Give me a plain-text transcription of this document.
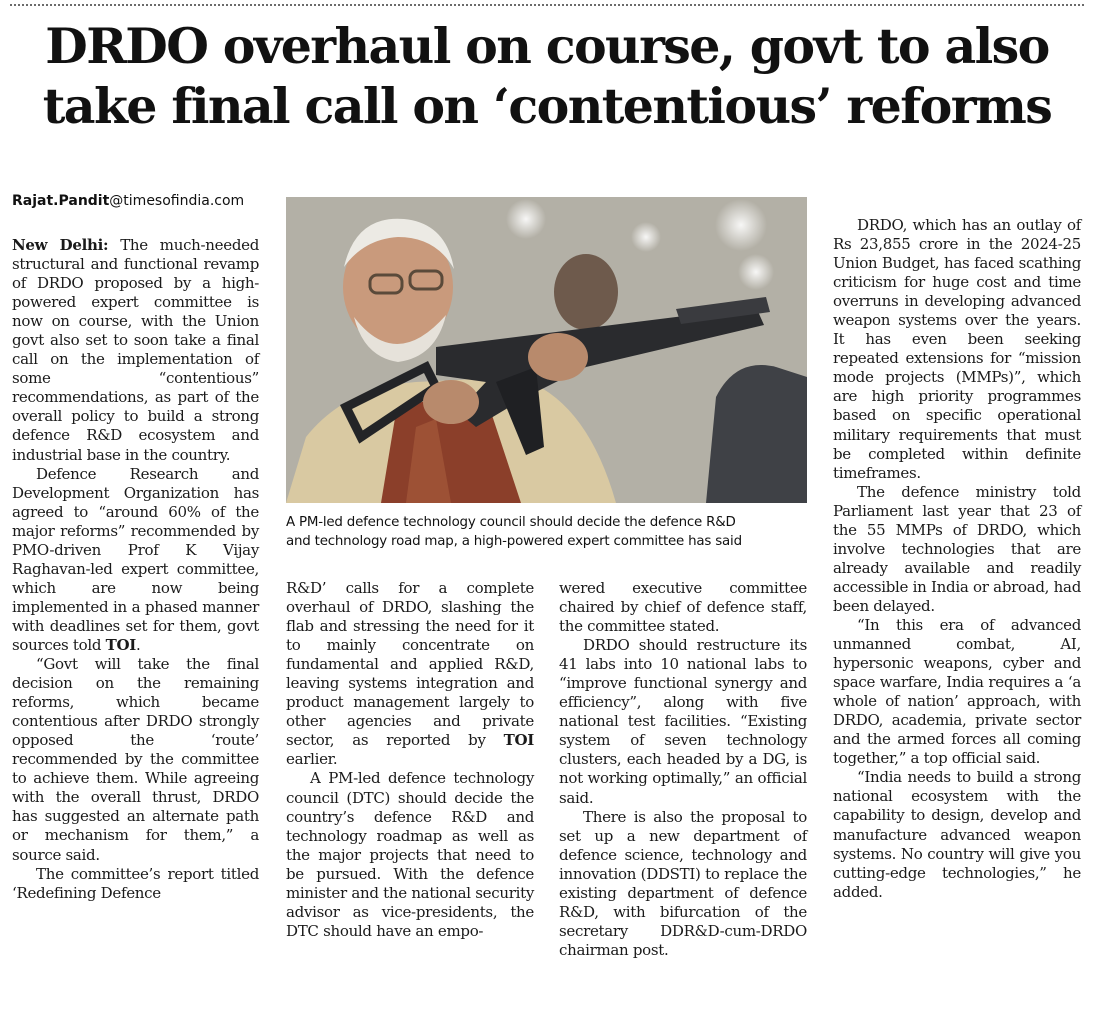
DRDO overhaul on course, govt to also
take final call on ‘contentious’ reforms
Rajat.Pandit@timesofindia.com

New Delhi: The much-needed structural and functional revamp of DRDO proposed by a high-powered expert committee is now on course, with the Union govt also set to soon take a final call on the implementation of some “contentious” recommendations, as part of the overall policy to build a strong defence R&D ecosystem and industrial base in the country.

Defence Research and Development Organization has agreed to “around 60% of the major reforms” recommended by PMO-driven Prof K Vijay Raghavan-led expert committee, which are now being implemented in a phased manner with deadlines set for them, govt sources told TOI.

“Govt will take the final decision on the remaining reforms, which became contentious after DRDO strongly opposed the ‘route’ recommended by the committee to achieve them. While agreeing with the overall thrust, DRDO has suggested an alternate path or mechanism for them,” a source said.

The committee’s report titled ‘Redefining Defence

A PM-led defence technology council should decide the defence R&D
and technology road map, a high-powered expert committee has said

R&D’ calls for a complete overhaul of DRDO, slashing the flab and stressing the need for it to mainly concentrate on fundamental and applied R&D, leaving systems integration and product management largely to other agencies and private sector, as reported by TOI earlier.

A PM-led defence technology council (DTC) should decide the country’s defence R&D and technology roadmap as well as the major projects that need to be pursued. With the defence minister and the national security advisor as vice-presidents, the DTC should have an empo-

wered executive committee chaired by chief of defence staff, the committee stated.

DRDO should restructure its 41 labs into 10 national labs to “improve functional synergy and efficiency”, along with five national test facilities. “Existing system of seven technology clusters, each headed by a DG, is not working optimally,” an official said.

There is also the proposal to set up a new department of defence science, technology and innovation (DDSTI) to replace the existing department of defence R&D, with bifurcation of the secretary DDR&D-cum-DRDO chairman post.

DRDO, which has an outlay of Rs 23,855 crore in the 2024-25 Union Budget, has faced scathing criticism for huge cost and time overruns in developing advanced weapon systems over the years. It has even been seeking repeated extensions for “mission mode projects (MMPs)”, which are high priority programmes based on specific operational military requirements that must be completed within definite timeframes.

The defence ministry told Parliament last year that 23 of the 55 MMPs of DRDO, which involve technologies that are already available and readily accessible in India or abroad, had been delayed.

“In this era of advanced unmanned combat, AI, hypersonic weapons, cyber and space warfare, India requires a ‘a whole of nation’ approach, with DRDO, academia, private sector and the armed forces all coming together,” a top official said.

“India needs to build a strong national ecosystem with the capability to design, develop and manufacture advanced weapon systems. No country will give you cutting-edge technologies,” he added.
